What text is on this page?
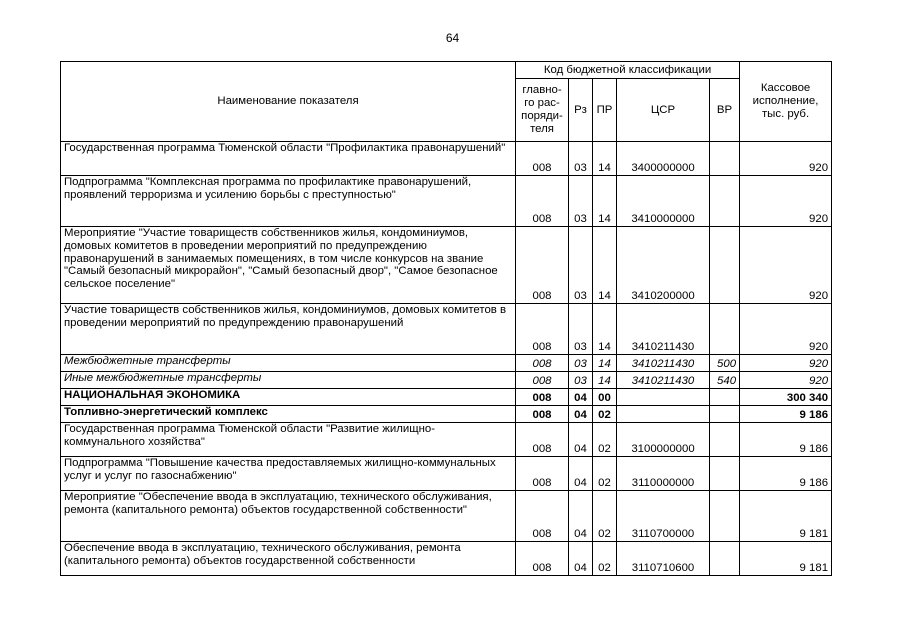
64
Наименование показателя	Код бюджетной классификации					Кассовое
исполнение,
тыс. руб.
	главно-
го рас-
поряди-
теля	Рз	ПР	ЦСР	ВР	
Государственная программа Тюменской области "Профилактика правонарушений"	008	03	14	3400000000		920
Подпрограмма "Комплексная программа по профилактике правонарушений, проявлений терроризма и усилению борьбы с преступностью"	008	03	14	3410000000		920
Мероприятие "Участие товариществ собственников жилья, кондоминиумов, домовых комитетов в проведении мероприятий по предупреждению правонарушений в занимаемых помещениях, в том числе конкурсов на звание "Самый безопасный микрорайон", "Самый безопасный двор", "Самое безопасное сельское поселение"	008	03	14	3410200000		920
Участие товариществ собственников жилья, кондоминиумов, домовых комитетов в проведении мероприятий по предупреждению правонарушений	008	03	14	3410211430		920
Межбюджетные трансферты	008	03	14	3410211430	500	920
Иные межбюджетные трансферты	008	03	14	3410211430	540	920
НАЦИОНАЛЬНАЯ ЭКОНОМИКА	008	04	00			300 340
Топливно-энергетический комплекс	008	04	02			9 186
Государственная программа Тюменской области "Развитие жилищно-коммунального хозяйства"	008	04	02	3100000000		9 186
Подпрограмма "Повышение качества предоставляемых жилищно-коммунальных услуг и услуг по газоснабжению"	008	04	02	3110000000		9 186
Мероприятие "Обеспечение ввода в эксплуатацию, технического обслуживания, ремонта (капитального ремонта) объектов государственной собственности"	008	04	02	3110700000		9 181
Обеспечение ввода в эксплуатацию, технического обслуживания, ремонта (капитального ремонта) объектов государственной собственности	008	04	02	3110710600		9 181
